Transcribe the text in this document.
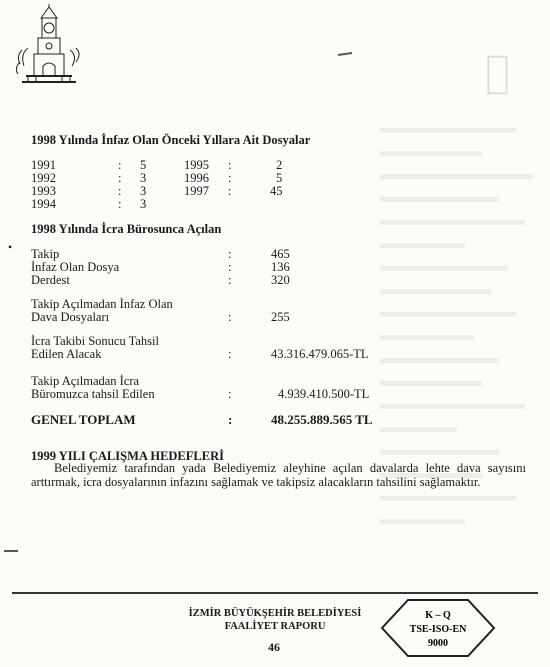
1998 Yılında İnfaz Olan Önceki Yıllara Ait Dosyalar
1991	: 5	1995 :	2
1992	: 3	1996 :	5
1993	: 3	1997 :	45
1994	: 3
•
1998 Yılında İcra Bürosunca Açılan
Takip	:	465
İnfaz Olan Dosya	:	136
Derdest	:	320
Takip Açılmadan İnfaz Olan
Dava Dosyaları	:	255
İcra Takibi Sonucu Tahsil
Edilen Alacak	:	43.316.479.065-TL
Takip Açılmadan İcra
Büromuzca tahsil Edilen	:	4.939.410.500-TL
GENEL TOPLAM	:	48.255.889.565 TL
1999 YILI ÇALIŞMA HEDEFLERİ

Belediyemiz tarafından yada Belediyemiz aleyhine açılan davalarda lehte dava sayısını arttırmak, icra dosyalarının infazını sağlamak ve takipsiz alacakların tahsilini sağlamaktır.

İZMİR BÜYÜKŞEHİR BELEDİYESİ
FAALİYET RAPORU
46
K – Q
TSE-ISO-EN
9000
